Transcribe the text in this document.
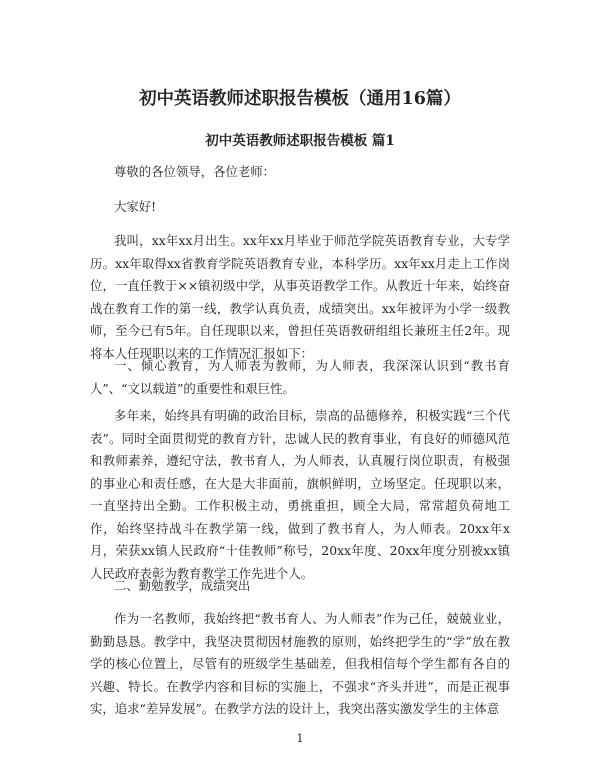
初中英语教师述职报告模板（通用16篇）
初中英语教师述职报告模板 篇1

尊敬的各位领导，各位老师：

大家好!

我叫，xx年xx月出生。xx年xx月毕业于师范学院英语教育专业，大专学历。xx年取得xx省教育学院英语教育专业，本科学历。xx年xx月走上工作岗位，一直任教于××镇初级中学，从事英语教学工作。从教近十年来，始终奋战在教育工作的第一线，教学认真负责，成绩突出。xx年被评为小学一级教师，至今已有5年。自任现职以来，曾担任英语教研组组长兼班主任2年。现将本人任现职以来的工作情况汇报如下：

一、倾心教育，为人师表为教师，为人师表，我深深认识到“教书育人”、“文以载道”的重要性和艰巨性。

多年来，始终具有明确的政治目标，崇高的品德修养，积极实践“三个代表”。同时全面贯彻党的教育方针，忠诚人民的教育事业，有良好的师德风范和教师素养，遵纪守法，教书育人，为人师表，认真履行岗位职责，有极强的事业心和责任感，在大是大非面前，旗帜鲜明，立场坚定。任现职以来，一直坚持出全勤。工作积极主动，勇挑重担，顾全大局，常常超负荷地工作，始终坚持战斗在教学第一线，做到了教书育人，为人师表。20xx年x月，荣获xx镇人民政府“十佳教师”称号，20xx年度、20xx年度分别被xx镇人民政府表彰为教育教学工作先进个人。

二、勤勉教学，成绩突出

作为一名教师，我始终把“教书育人、为人师表”作为己任，兢兢业业，勤勤恳恳。教学中，我坚决贯彻因材施教的原则，始终把学生的“学”放在教学的核心位置上，尽管有的班级学生基础差，但我相信每个学生都有各自的兴趣、特长。在教学内容和目标的实施上，不强求“齐头并进”，而是正视事实，追求“差异发展”。在教学方法的设计上，我突出落实激发学生的主体意

1
